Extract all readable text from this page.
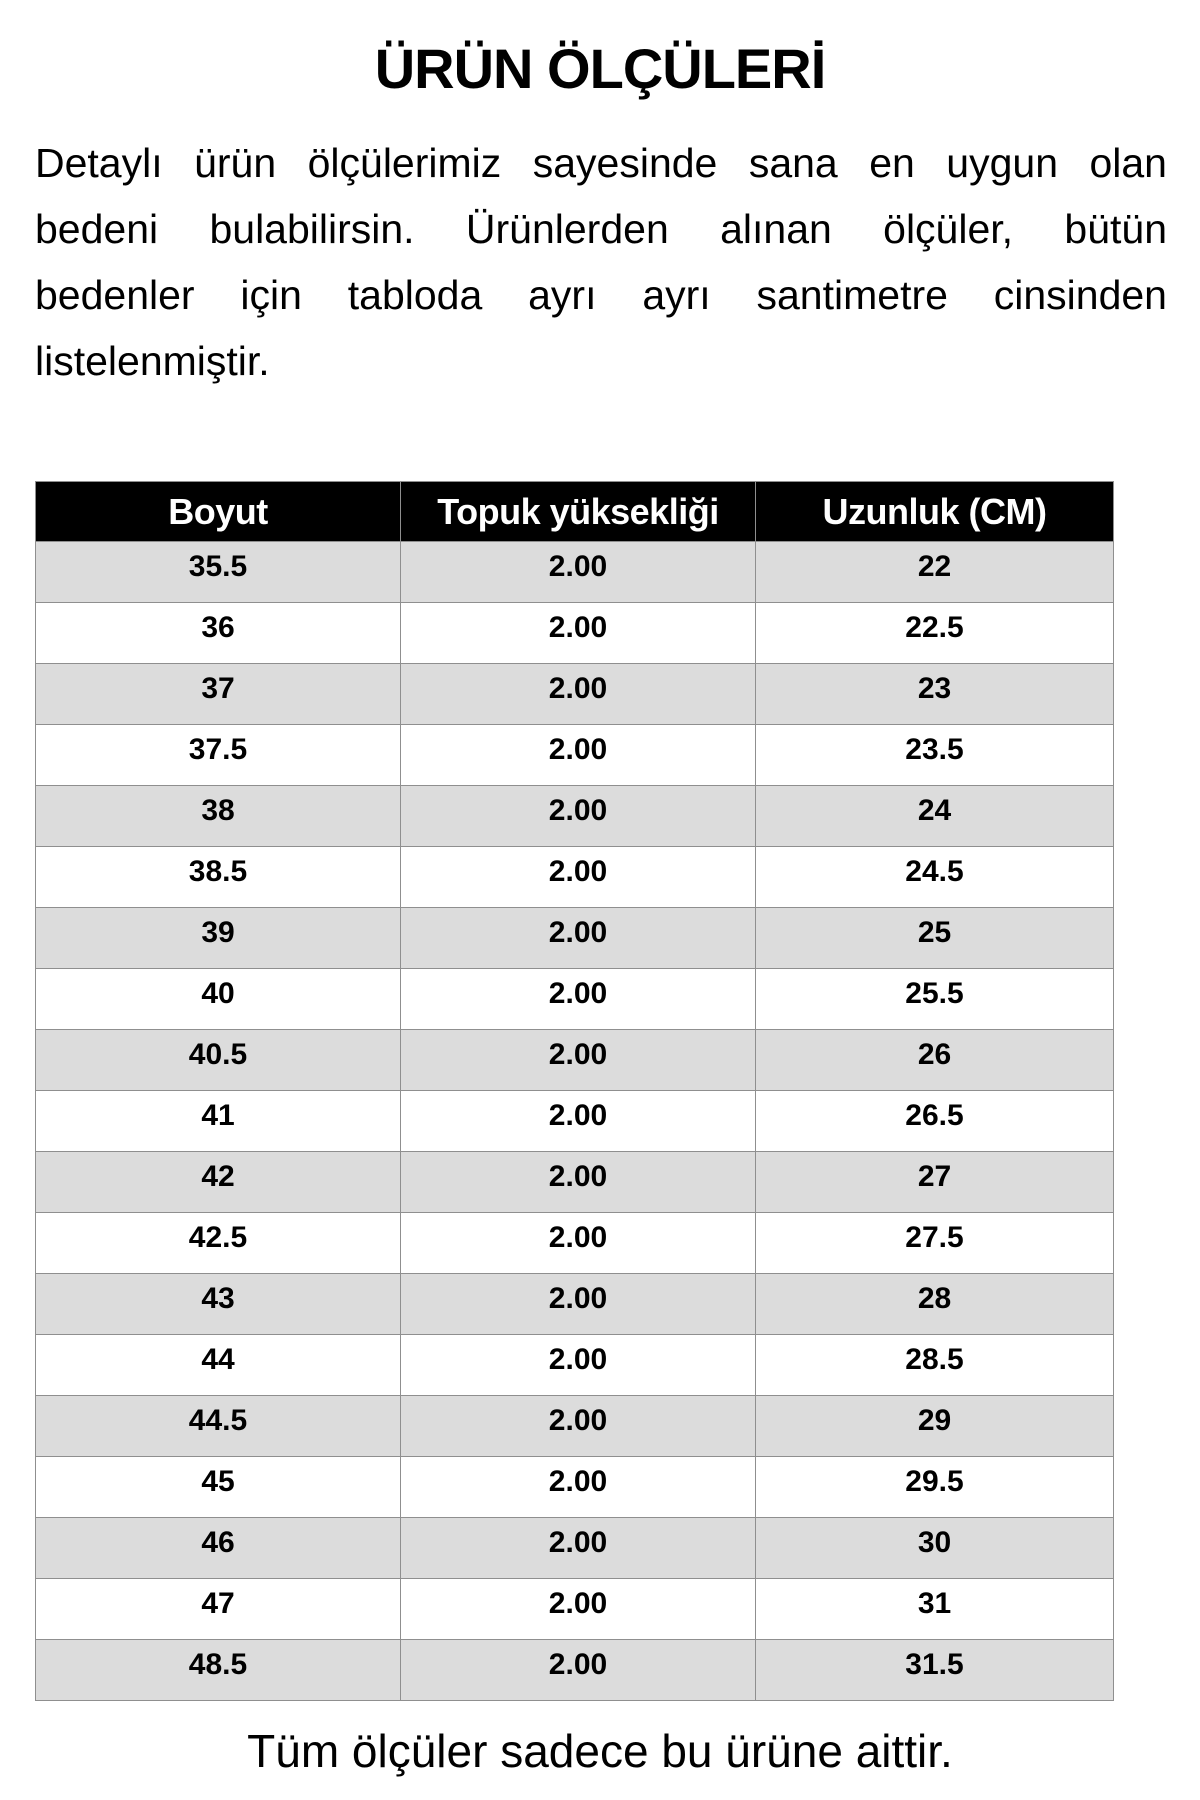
ÜRÜN ÖLÇÜLERİ
Detaylı ürün ölçülerimiz sayesinde sana en uygun olan
bedeni bulabilirsin. Ürünlerden alınan ölçüler, bütün
bedenler için tabloda ayrı ayrı santimetre cinsinden
listelenmiştir.
Boyut	Topuk yüksekliği	Uzunluk (CM)
35.5	2.00	22
36	2.00	22.5
37	2.00	23
37.5	2.00	23.5
38	2.00	24
38.5	2.00	24.5
39	2.00	25
40	2.00	25.5
40.5	2.00	26
41	2.00	26.5
42	2.00	27
42.5	2.00	27.5
43	2.00	28
44	2.00	28.5
44.5	2.00	29
45	2.00	29.5
46	2.00	30
47	2.00	31
48.5	2.00	31.5
Tüm ölçüler sadece bu ürüne aittir.
